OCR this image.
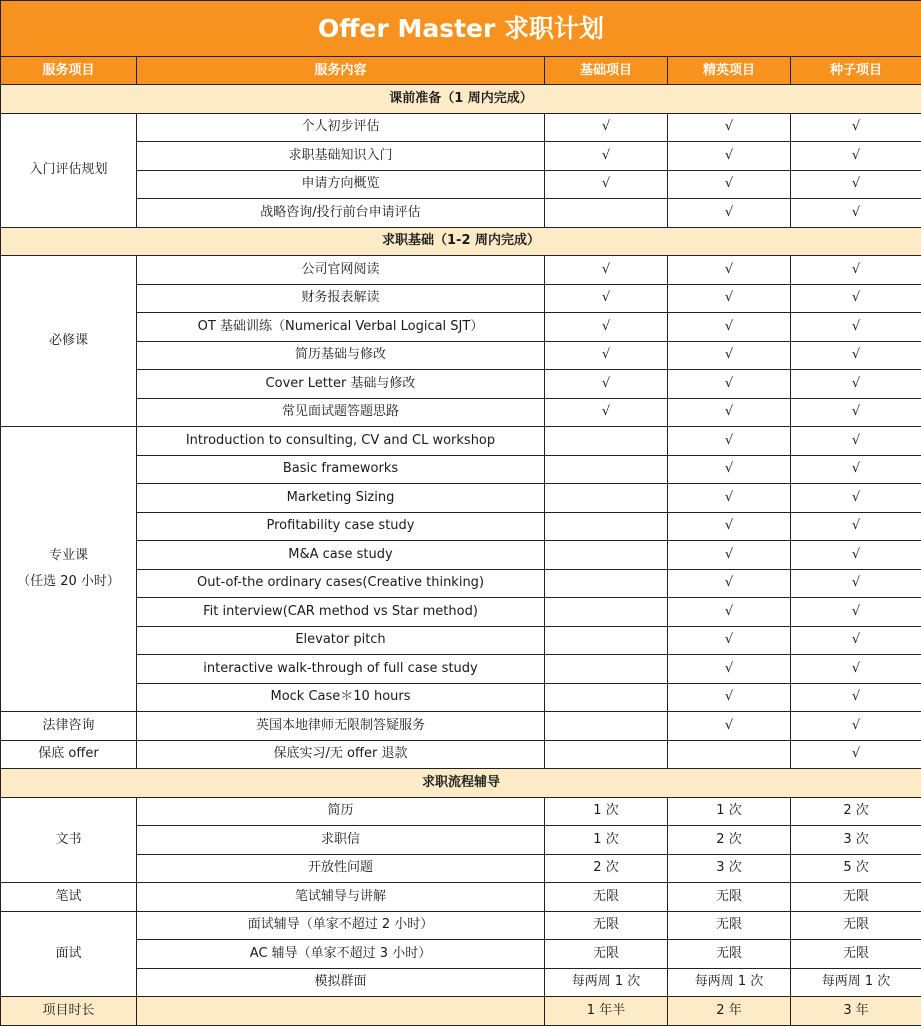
Offer Master 求职计划				
服务项目	服务内容	基础项目	精英项目	种子项目
课前准备（1 周内完成）				

入门评估规划	个人初步评估	√	√	√
	求职基础知识入门	√	√	√
	申请方向概览	√	√	√
	战略咨询/投行前台申请评估		√	√
求职基础（1-2 周内完成）				

必修课	公司官网阅读	√	√	√
	财务报表解读	√	√	√
	OT 基础训练（Numerical Verbal Logical SJT）	√	√	√
	简历基础与修改	√	√	√
	Cover Letter 基础与修改	√	√	√
	常见面试题答题思路	√	√	√

专业课
（任选 20 小时）	Introduction to consulting, CV and CL workshop		√	√
	Basic frameworks		√	√
	Marketing Sizing		√	√
	Profitability case study		√	√
	M&A case study		√	√
	Out-of-the ordinary cases(Creative thinking)		√	√
	Fit interview(CAR method vs Star method)		√	√
	Elevator pitch		√	√
	interactive walk-through of full case study		√	√
	Mock Case＊10 hours		√	√

法律咨询	英国本地律师无限制答疑服务		√	√

保底 offer	保底实习/无 offer 退款			√
求职流程辅导				

文书	简历	1 次	1 次	2 次
	求职信	1 次	2 次	3 次
	开放性问题	2 次	3 次	5 次

笔试	笔试辅导与讲解	无限	无限	无限

面试	面试辅导（单家不超过 2 小时）	无限	无限	无限
	AC 辅导（单家不超过 3 小时）	无限	无限	无限
	模拟群面	每两周 1 次	每两周 1 次	每两周 1 次
项目时长		1 年半	2 年	3 年
